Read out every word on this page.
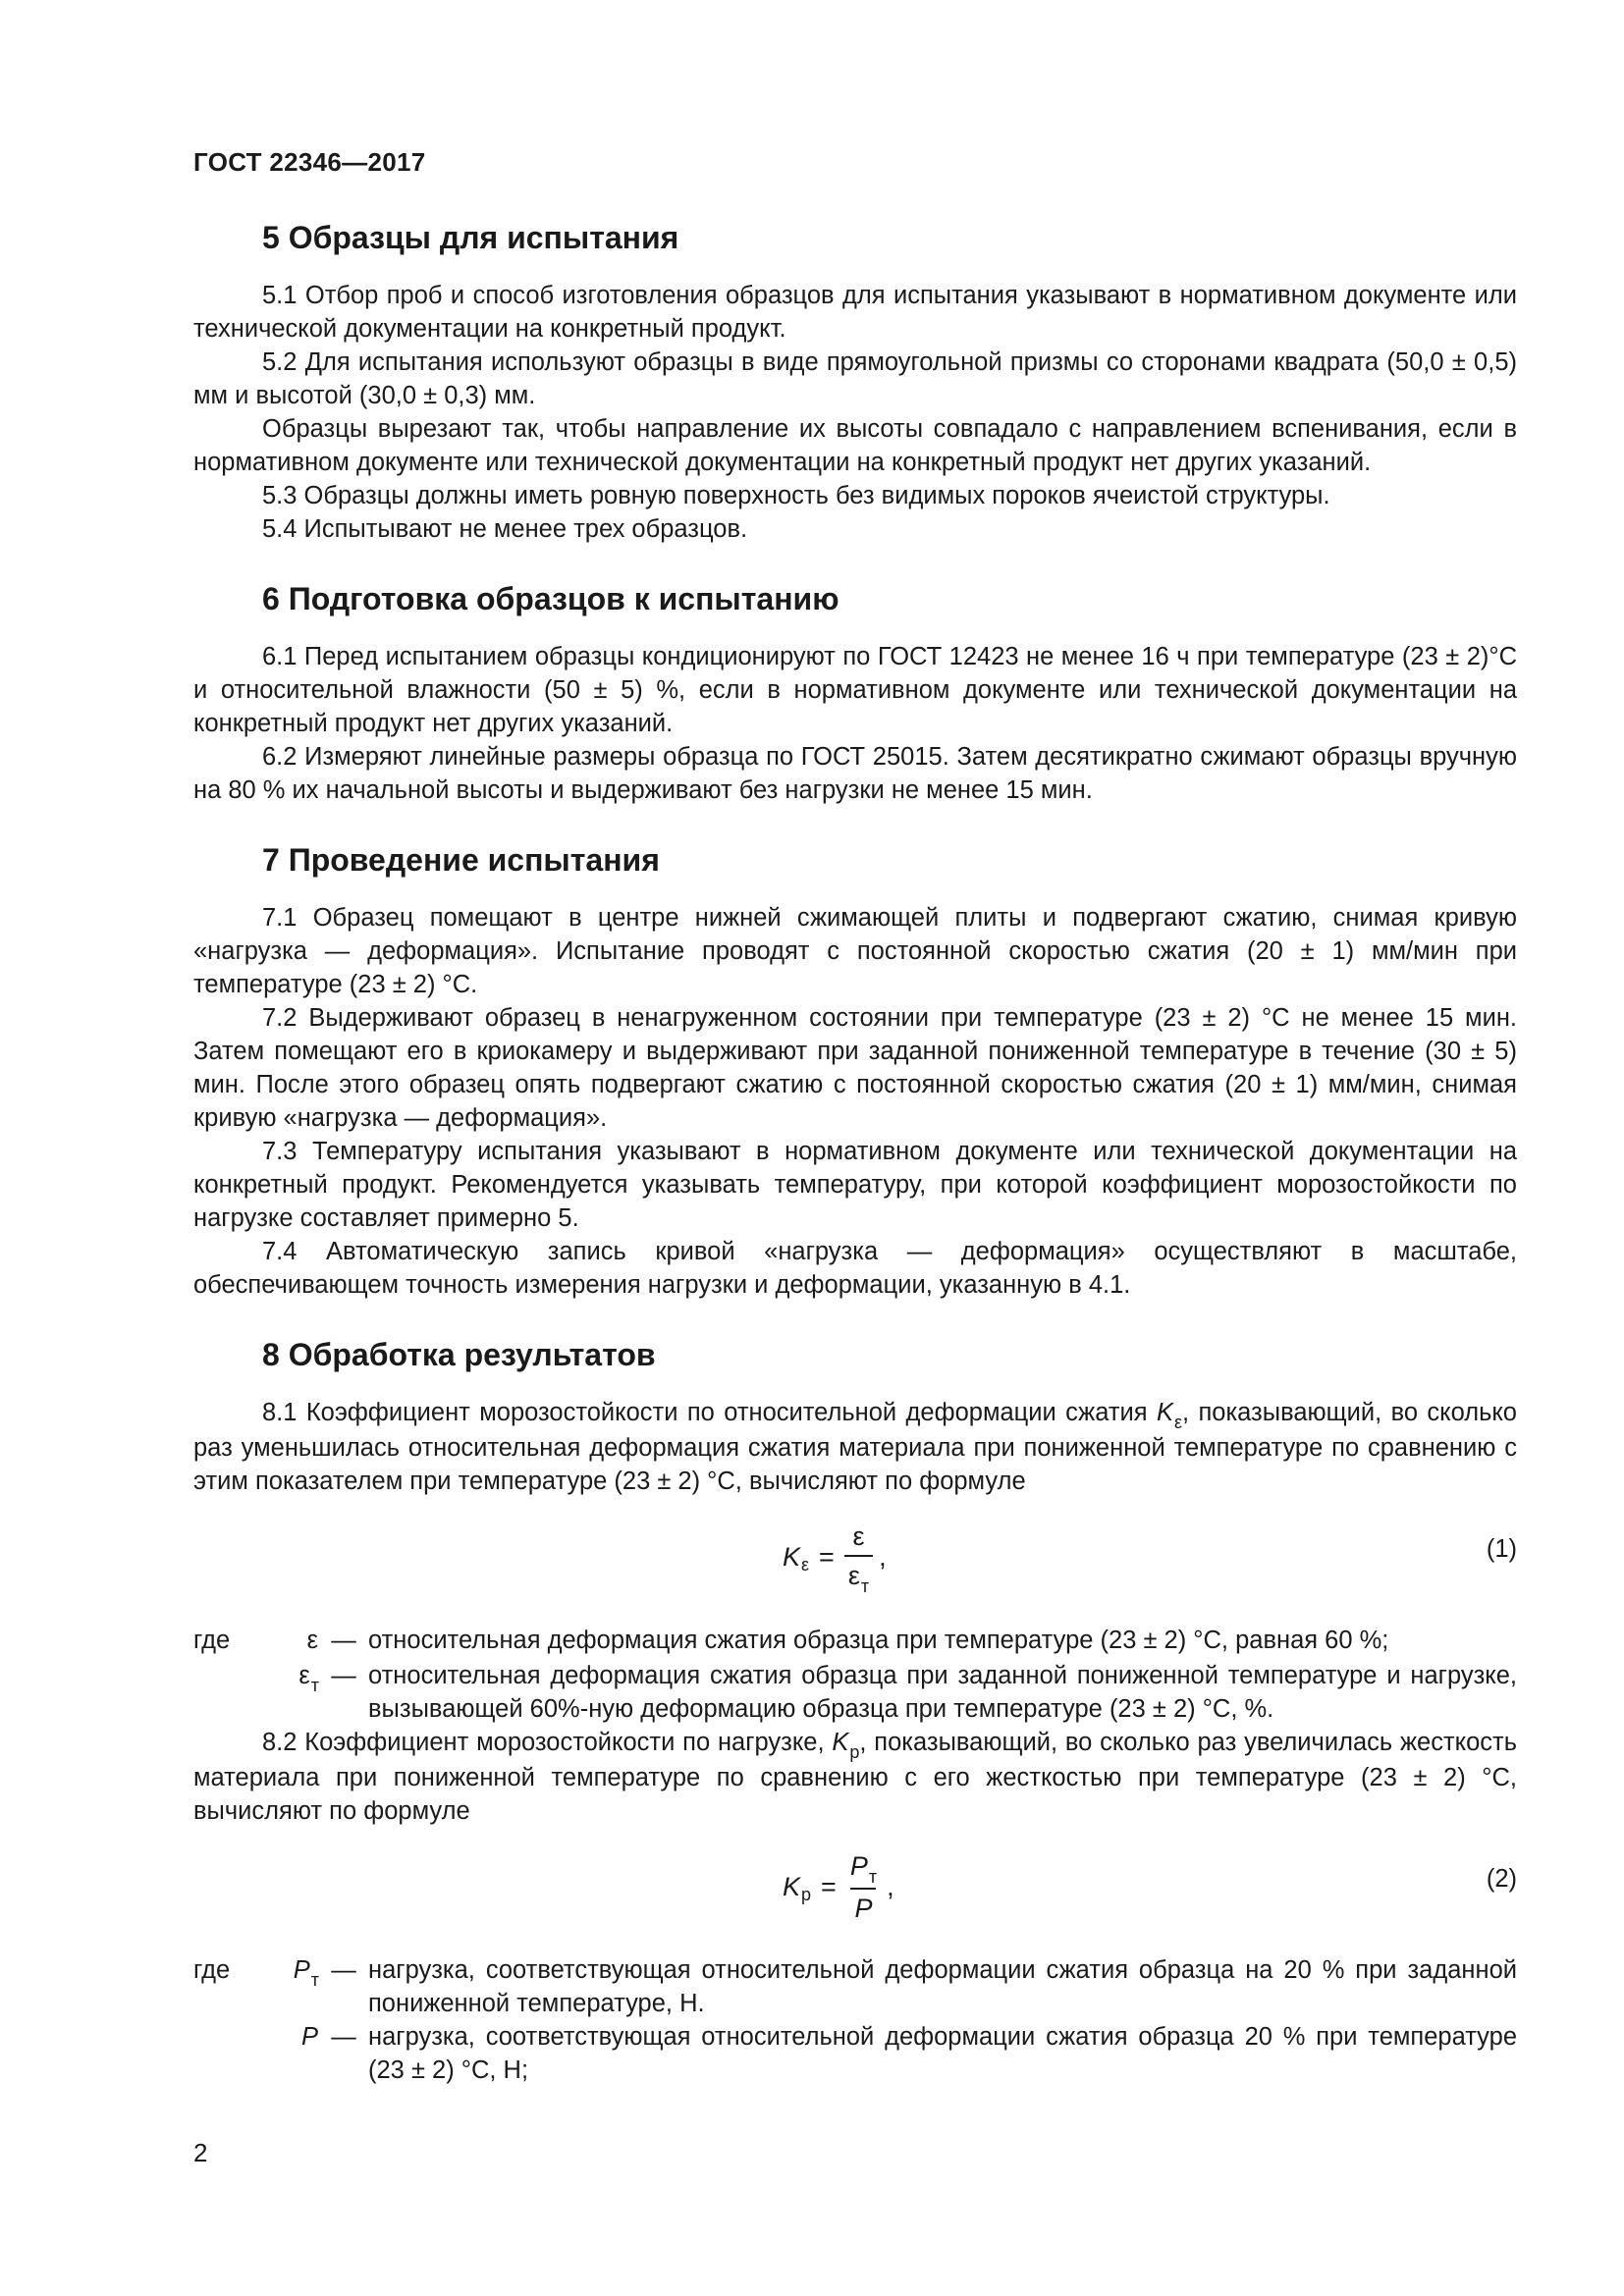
ГОСТ 22346—2017
5 Образцы для испытания

5.1 Отбор проб и способ изготовления образцов для испытания указывают в нормативном документе или технической документации на конкретный продукт.

5.2 Для испытания используют образцы в виде прямоугольной призмы со сторонами квадрата (50,0 ± 0,5) мм и высотой (30,0 ± 0,3) мм.

Образцы вырезают так, чтобы направление их высоты совпадало с направлением вспенивания, если в нормативном документе или технической документации на конкретный продукт нет других указаний.

5.3 Образцы должны иметь ровную поверхность без видимых пороков ячеистой структуры.

5.4 Испытывают не менее трех образцов.

6 Подготовка образцов к испытанию

6.1 Перед испытанием образцы кондиционируют по ГОСТ 12423 не менее 16 ч при температуре (23 ± 2)°С и относительной влажности (50 ± 5) %, если в нормативном документе или технической документации на конкретный продукт нет других указаний.

6.2 Измеряют линейные размеры образца по ГОСТ 25015. Затем десятикратно сжимают образцы вручную на 80 % их начальной высоты и выдерживают без нагрузки не менее 15 мин.

7 Проведение испытания

7.1 Образец помещают в центре нижней сжимающей плиты и подвергают сжатию, снимая кривую «нагрузка — деформация». Испытание проводят с постоянной скоростью сжатия (20 ± 1) мм/мин при температуре (23 ± 2) °С.

7.2 Выдерживают образец в ненагруженном состоянии при температуре (23 ± 2) °С не менее 15 мин. Затем помещают его в криокамеру и выдерживают при заданной пониженной температуре в течение (30 ± 5) мин. После этого образец опять подвергают сжатию с постоянной скоростью сжатия (20 ± 1) мм/мин, снимая кривую «нагрузка — деформация».

7.3 Температуру испытания указывают в нормативном документе или технической документации на конкретный продукт. Рекомендуется указывать температуру, при которой коэффициент морозостойкости по нагрузке составляет примерно 5.

7.4 Автоматическую запись кривой «нагрузка — деформация» осуществляют в масштабе, обеспечивающем точность измерения нагрузки и деформации, указанную в 4.1.

8 Обработка результатов

8.1 Коэффициент морозостойкости по относительной деформации сжатия $K_\varepsilon$, показывающий, во сколько раз уменьшилась относительная деформация сжатия материала при пониженной температуре по сравнению с этим показателем при температуре (23 ± 2) °С, вычисляют по формуле

K $\varepsilon = \frac{\varepsilon}{\varepsilon_т}$ ,	(1)
где	ε — относительная деформация сжатия образца при температуре (23 ± 2) °С, равная 60 %;
$\varepsilon_т$ — относительная деформация сжатия образца при заданной пониженной температуре и нагрузке, вызывающей 60%-ную деформацию образца при температуре (23 ± 2) °С, %.

8.2 Коэффициент морозостойкости по нагрузке, $K_р$, показывающий, во сколько раз увеличилась жесткость материала при пониженной температуре по сравнению с его жесткостью при температуре (23 ± 2) °С, вычисляют по формуле

K $р = \frac{P_т}{P}$ ,	(2)
где	$P_т$ — нагрузка, соответствующая относительной деформации сжатия образца на 20 % при заданной пониженной температуре, Н.
P — нагрузка, соответствующая относительной деформации сжатия образца 20 % при температуре (23 ± 2) °С, Н;
2
